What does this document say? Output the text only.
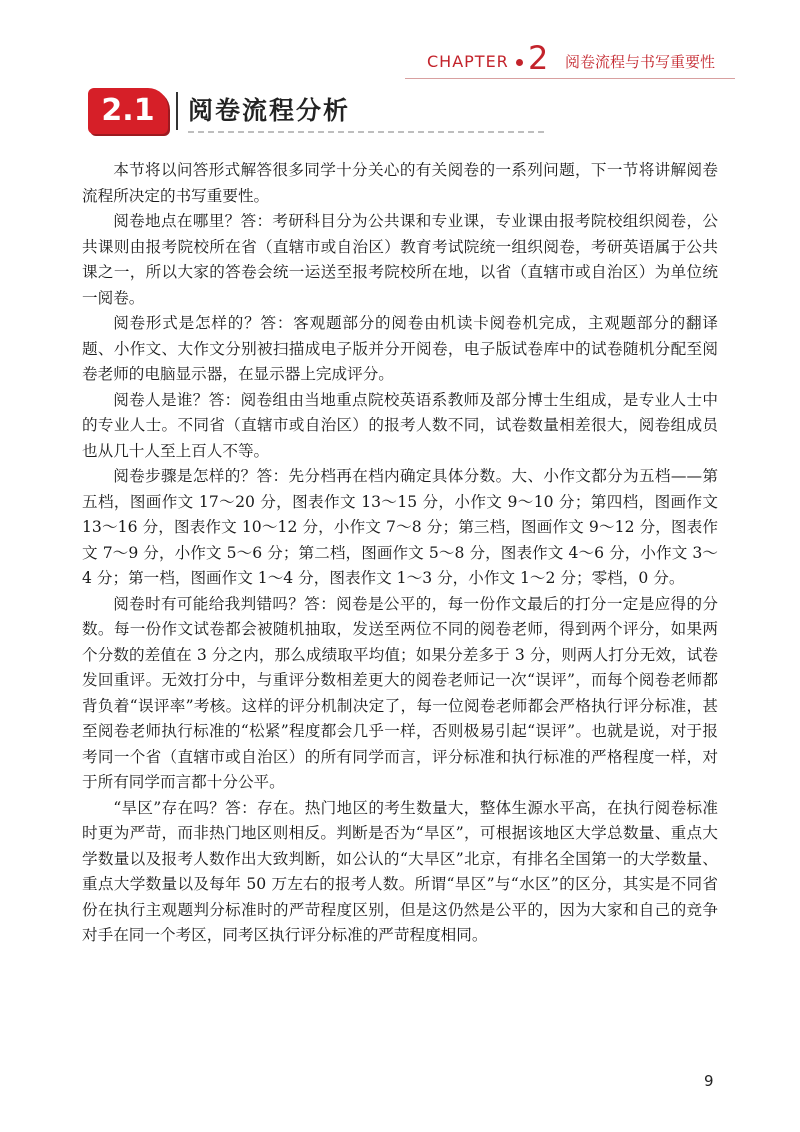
CHAPTER 2 阅卷流程与书写重要性
2.1	阅卷流程分析

本节将以问答形式解答很多同学十分关心的有关阅卷的一系列问题，下一节将讲解阅卷流程所决定的书写重要性。

阅卷地点在哪里？答：考研科目分为公共课和专业课，专业课由报考院校组织阅卷，公共课则由报考院校所在省（直辖市或自治区）教育考试院统一组织阅卷，考研英语属于公共课之一，所以大家的答卷会统一运送至报考院校所在地，以省（直辖市或自治区）为单位统一阅卷。

阅卷形式是怎样的？答：客观题部分的阅卷由机读卡阅卷机完成，主观题部分的翻译题、小作文、大作文分别被扫描成电子版并分开阅卷，电子版试卷库中的试卷随机分配至阅卷老师的电脑显示器，在显示器上完成评分。

阅卷人是谁？答：阅卷组由当地重点院校英语系教师及部分博士生组成，是专业人士中的专业人士。不同省（直辖市或自治区）的报考人数不同，试卷数量相差很大，阅卷组成员也从几十人至上百人不等。

阅卷步骤是怎样的？答：先分档再在档内确定具体分数。大、小作文都分为五档——第五档，图画作文 17～20 分，图表作文 13～15 分，小作文 9～10 分；第四档，图画作文 13～16 分，图表作文 10～12 分，小作文 7～8 分；第三档，图画作文 9～12 分，图表作文 7～9 分，小作文 5～6 分；第二档，图画作文 5～8 分，图表作文 4～6 分，小作文 3～4 分；第一档，图画作文 1～4 分，图表作文 1～3 分，小作文 1～2 分；零档，0 分。

阅卷时有可能给我判错吗？答：阅卷是公平的，每一份作文最后的打分一定是应得的分数。每一份作文试卷都会被随机抽取，发送至两位不同的阅卷老师，得到两个评分，如果两个分数的差值在 3 分之内，那么成绩取平均值；如果分差多于 3 分，则两人打分无效，试卷发回重评。无效打分中，与重评分数相差更大的阅卷老师记一次“误评”，而每个阅卷老师都背负着“误评率”考核。这样的评分机制决定了，每一位阅卷老师都会严格执行评分标准，甚至阅卷老师执行标准的“松紧”程度都会几乎一样，否则极易引起“误评”。也就是说，对于报考同一个省（直辖市或自治区）的所有同学而言，评分标准和执行标准的严格程度一样，对于所有同学而言都十分公平。

“旱区”存在吗？答：存在。热门地区的考生数量大，整体生源水平高，在执行阅卷标准时更为严苛，而非热门地区则相反。判断是否为“旱区”，可根据该地区大学总数量、重点大学数量以及报考人数作出大致判断，如公认的“大旱区”北京，有排名全国第一的大学数量、重点大学数量以及每年 50 万左右的报考人数。所谓“旱区”与“水区”的区分，其实是不同省份在执行主观题判分标准时的严苛程度区别，但是这仍然是公平的，因为大家和自己的竞争对手在同一个考区，同考区执行评分标准的严苛程度相同。

9
